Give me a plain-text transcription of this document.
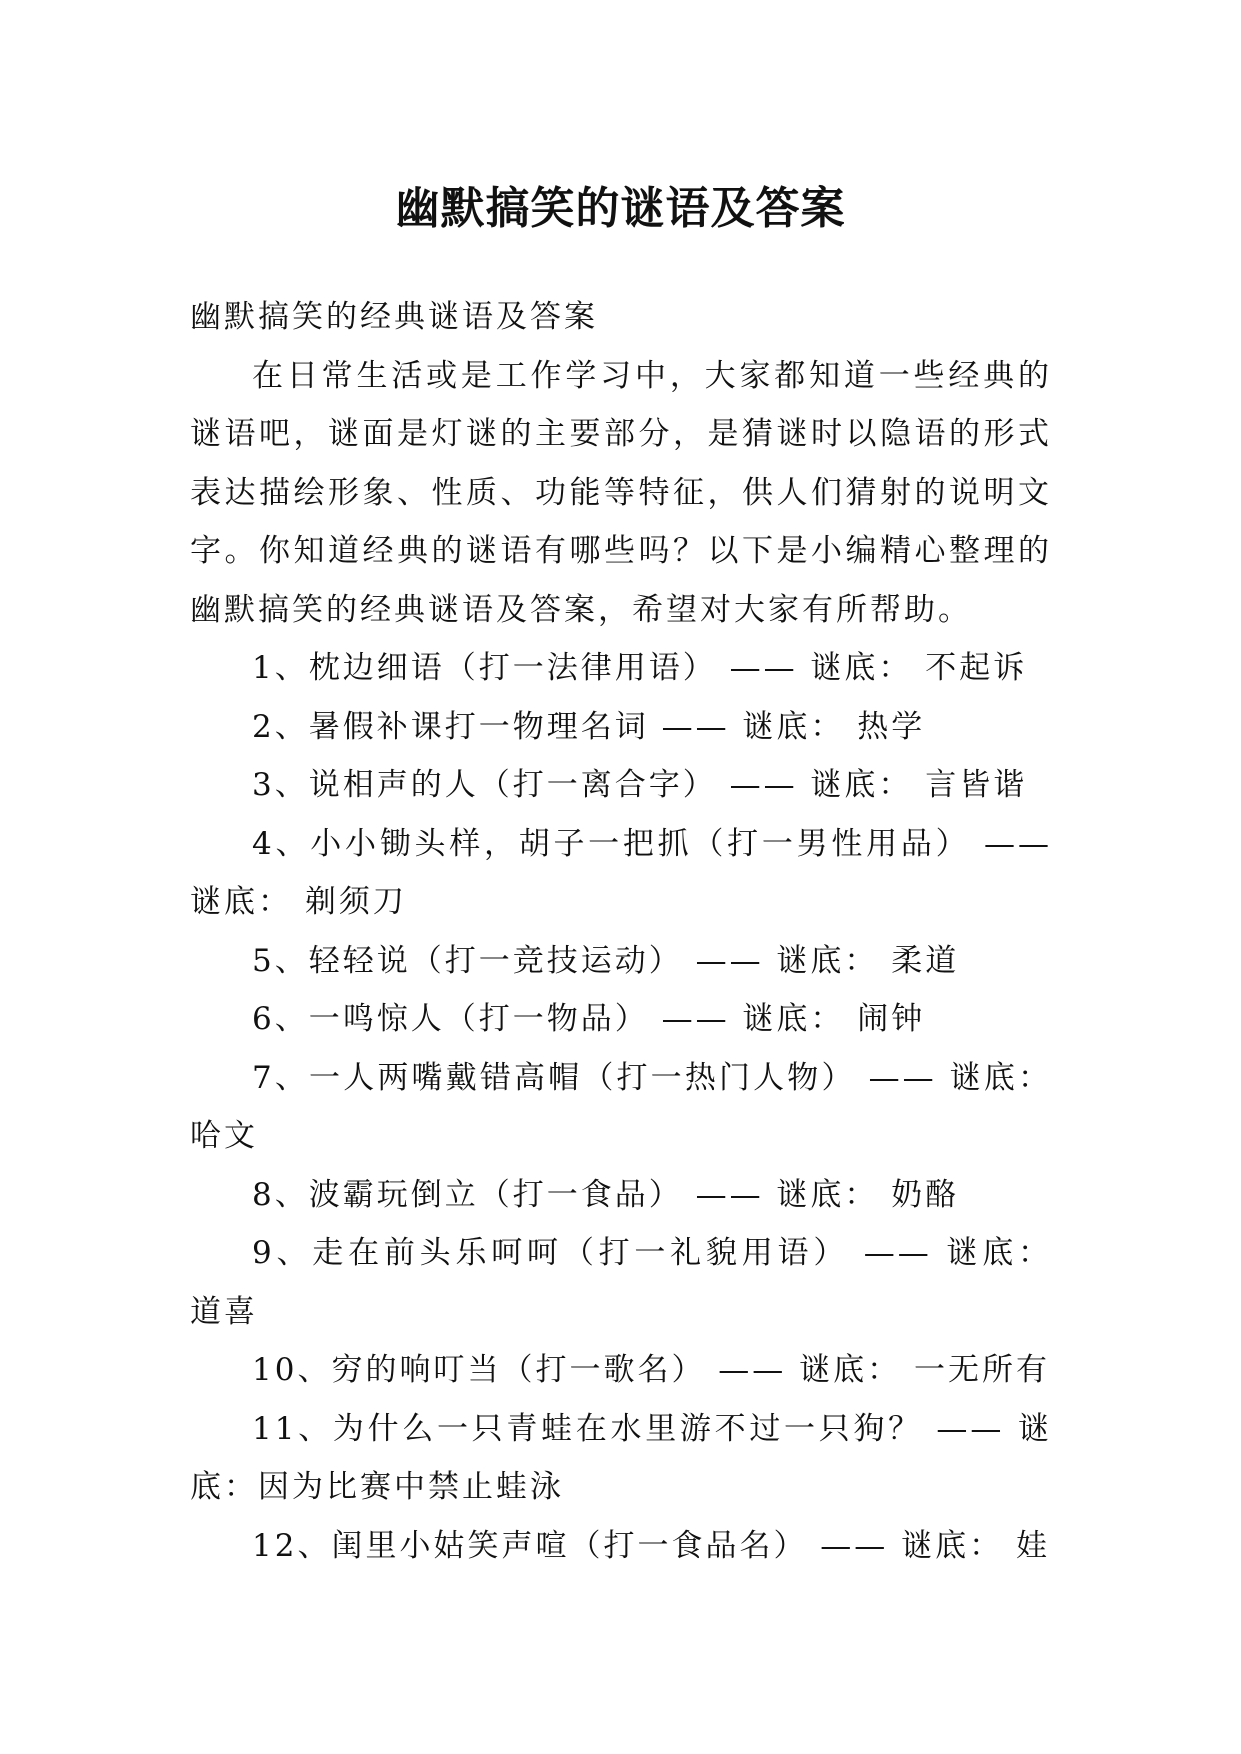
幽默搞笑的谜语及答案

幽默搞笑的经典谜语及答案

在日常生活或是工作学习中，大家都知道一些经典的谜语吧，谜面是灯谜的主要部分，是猜谜时以隐语的形式表达描绘形象、性质、功能等特征，供人们猜射的说明文字。你知道经典的谜语有哪些吗？以下是小编精心整理的幽默搞笑的经典谜语及答案，希望对大家有所帮助。

1、枕边细语（打一法律用语） —— 谜底： 不起诉
2、暑假补课打一物理名词 —— 谜底： 热学
3、说相声的人（打一离合字） —— 谜底： 言皆谐
4、小小锄头样，胡子一把抓（打一男性用品） —— 谜底： 剃须刀
5、轻轻说（打一竞技运动） —— 谜底： 柔道
6、一鸣惊人（打一物品） —— 谜底： 闹钟
7、一人两嘴戴错高帽（打一热门人物） —— 谜底： 哈文
8、波霸玩倒立（打一食品） —— 谜底： 奶酪
9、走在前头乐呵呵（打一礼貌用语） —— 谜底： 道喜
10、穷的响叮当（打一歌名） —— 谜底： 一无所有
11、为什么一只青蛙在水里游不过一只狗？ —— 谜底：因为比赛中禁止蛙泳
12、闺里小姑笑声喧（打一食品名） —— 谜底： 娃
